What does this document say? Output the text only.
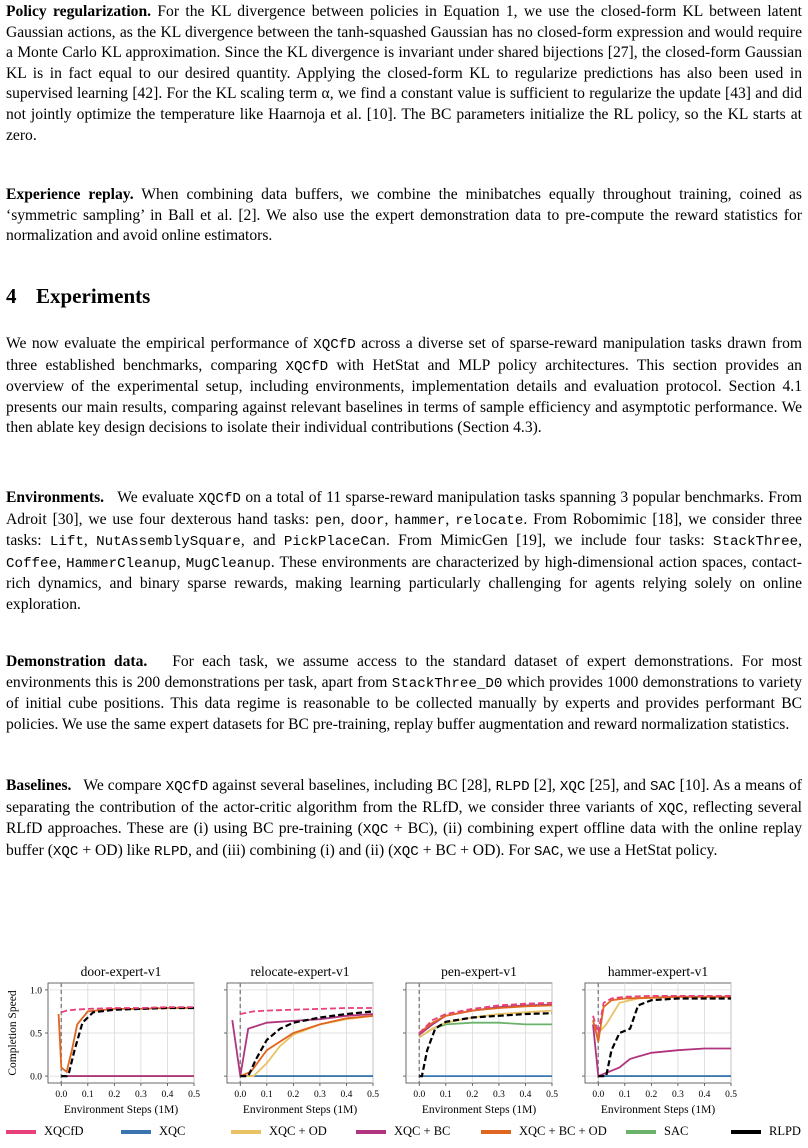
Policy regularization. For the KL divergence between policies in Equation 1, we use the closed-form KL between latent Gaussian actions, as the KL divergence between the tanh-squashed Gaussian has no closed-form expression and would require a Monte Carlo KL approximation. Since the KL divergence is invariant under shared bijections [27], the closed-form Gaussian KL is in fact equal to our desired quantity. Applying the closed-form KL to regularize predictions has also been used in supervised learning [42]. For the KL scaling term α, we find a constant value is sufficient to regularize the update [43] and did not jointly optimize the temperature like Haarnoja et al. [10]. The BC parameters initialize the RL policy, so the KL starts at zero.

Experience replay. When combining data buffers, we combine the minibatches equally throughout training, coined as ‘symmetric sampling’ in Ball et al. [2]. We also use the expert demonstration data to pre-compute the reward statistics for normalization and avoid online estimators.

4 Experiments

We now evaluate the empirical performance of XQCfD across a diverse set of sparse-reward manipulation tasks drawn from three established benchmarks, comparing XQCfD with HetStat and MLP policy architectures. This section provides an overview of the experimental setup, including environments, implementation details and evaluation protocol. Section 4.1 presents our main results, comparing against relevant baselines in terms of sample efficiency and asymptotic performance. We then ablate key design decisions to isolate their individual contributions (Section 4.3).

Environments. We evaluate XQCfD on a total of 11 sparse-reward manipulation tasks spanning 3 popular benchmarks. From Adroit [30], we use four dexterous hand tasks: pen, door, hammer, relocate. From Robomimic [18], we consider three tasks: Lift, NutAssemblySquare, and PickPlaceCan. From MimicGen [19], we include four tasks: StackThree, Coffee, HammerCleanup, MugCleanup. These environments are characterized by high-dimensional action spaces, contact-rich dynamics, and binary sparse rewards, making learning particularly challenging for agents relying solely on online exploration.

Demonstration data.   For each task, we assume access to the standard dataset of expert demonstrations. For most environments this is 200 demonstrations per task, apart from StackThree_D0 which provides 1000 demonstrations to variety of initial cube positions. This data regime is reasonable to be collected manually by experts and provides performant BC policies. We use the same expert datasets for BC pre-training, replay buffer augmentation and reward normalization statistics.

Baselines.   We compare XQCfD against several baselines, including BC [28], RLPD [2], XQC [25], and SAC [10]. As a means of separating the contribution of the actor-critic algorithm from the RLfD, we consider three variants of XQC, reflecting several RLfD approaches. These are (i) using BC pre-training (XQC + BC), (ii) combining expert offline data with the online replay buffer (XQC + OD) like RLPD, and (iii) combining (i) and (ii) (XQC + BC + OD). For SAC, we use a HetStat policy.

0.0 0.1 0.2 0.3 0.4 0.5
0.0
0.5
1.0
door-expert-v1
Environment Steps (1M)
Completion Speed
0.0 0.1 0.2 0.3 0.4 0.5
relocate-expert-v1
Environment Steps (1M)
0.0 0.1 0.2 0.3 0.4 0.5
pen-expert-v1
Environment Steps (1M)
0.0 0.1 0.2 0.3 0.4 0.5
hammer-expert-v1
Environment Steps (1M)
XQCfD	XQC	XQC + OD	XQC + BC	XQC + BC + OD	SAC	RLPD
